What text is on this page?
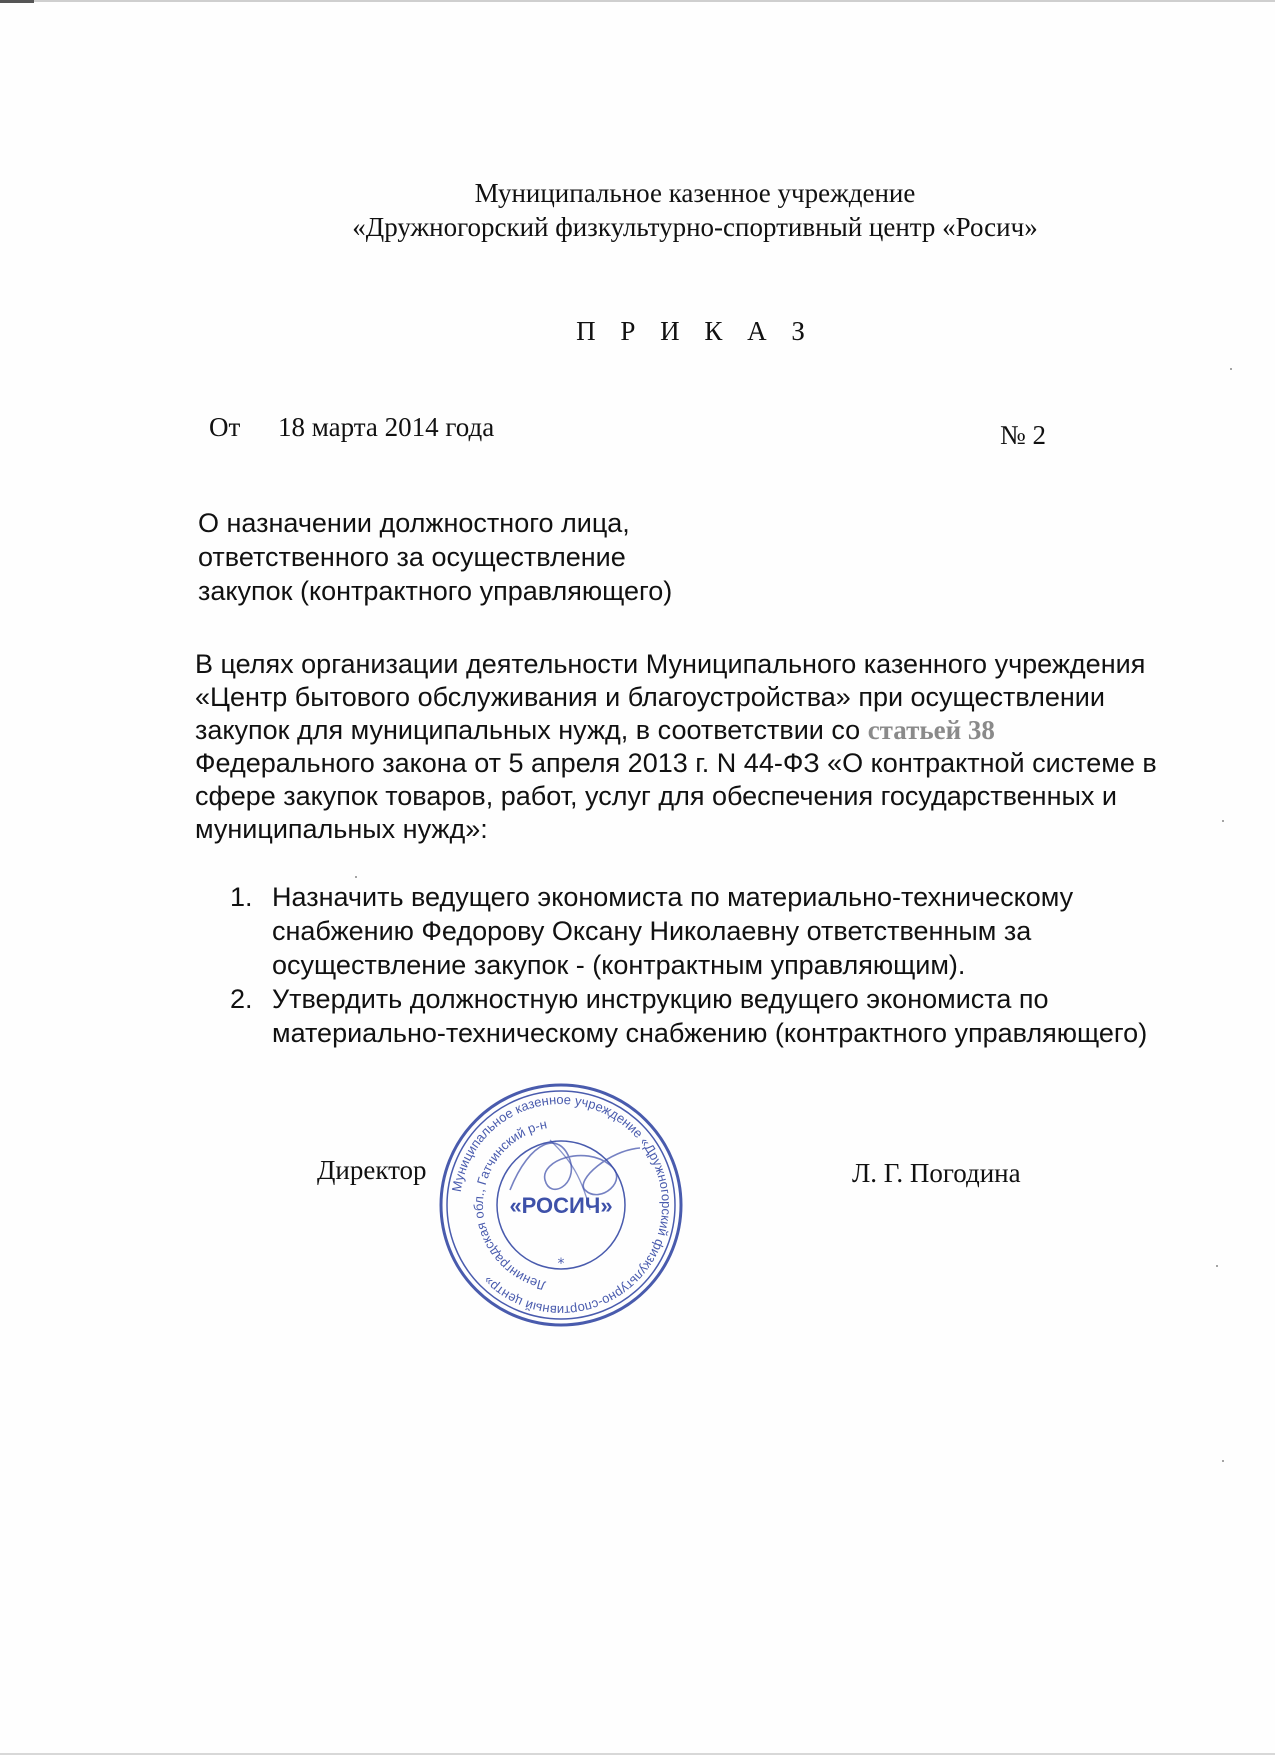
Муниципальное казенное учреждение
«Дружногорский физкультурно-спортивный центр «Росич»
П Р И К А З
От 18 марта 2014 года	№ 2
О назначении должностного лица,
ответственного за осуществление
закупок (контрактного управляющего)
В целях организации деятельности Муниципального казенного учреждения
«Центр бытового обслуживания и благоустройства» при осуществлении
закупок для муниципальных нужд, в соответствии со статьей 38
Федерального закона от 5 апреля 2013 г. N 44-ФЗ «О контрактной системе в
сфере закупок товаров, работ, услуг для обеспечения государственных и
муниципальных нужд»:
1. Назначить ведущего экономиста по материально-техническому
снабжению Федорову Оксану Николаевну ответственным за
осуществление закупок - (контрактным управляющим).
2. Утвердить должностную инструкцию ведущего экономиста по
материально-техническому снабжению (контрактного управляющего)
Директор	Л. Г. Погодина
Муниципальное казенное учреждение «Дружногорский физкультурно-спортивный центр»	Ленинградская обл., Гатчинский р-н
«РОСИЧ»
*
